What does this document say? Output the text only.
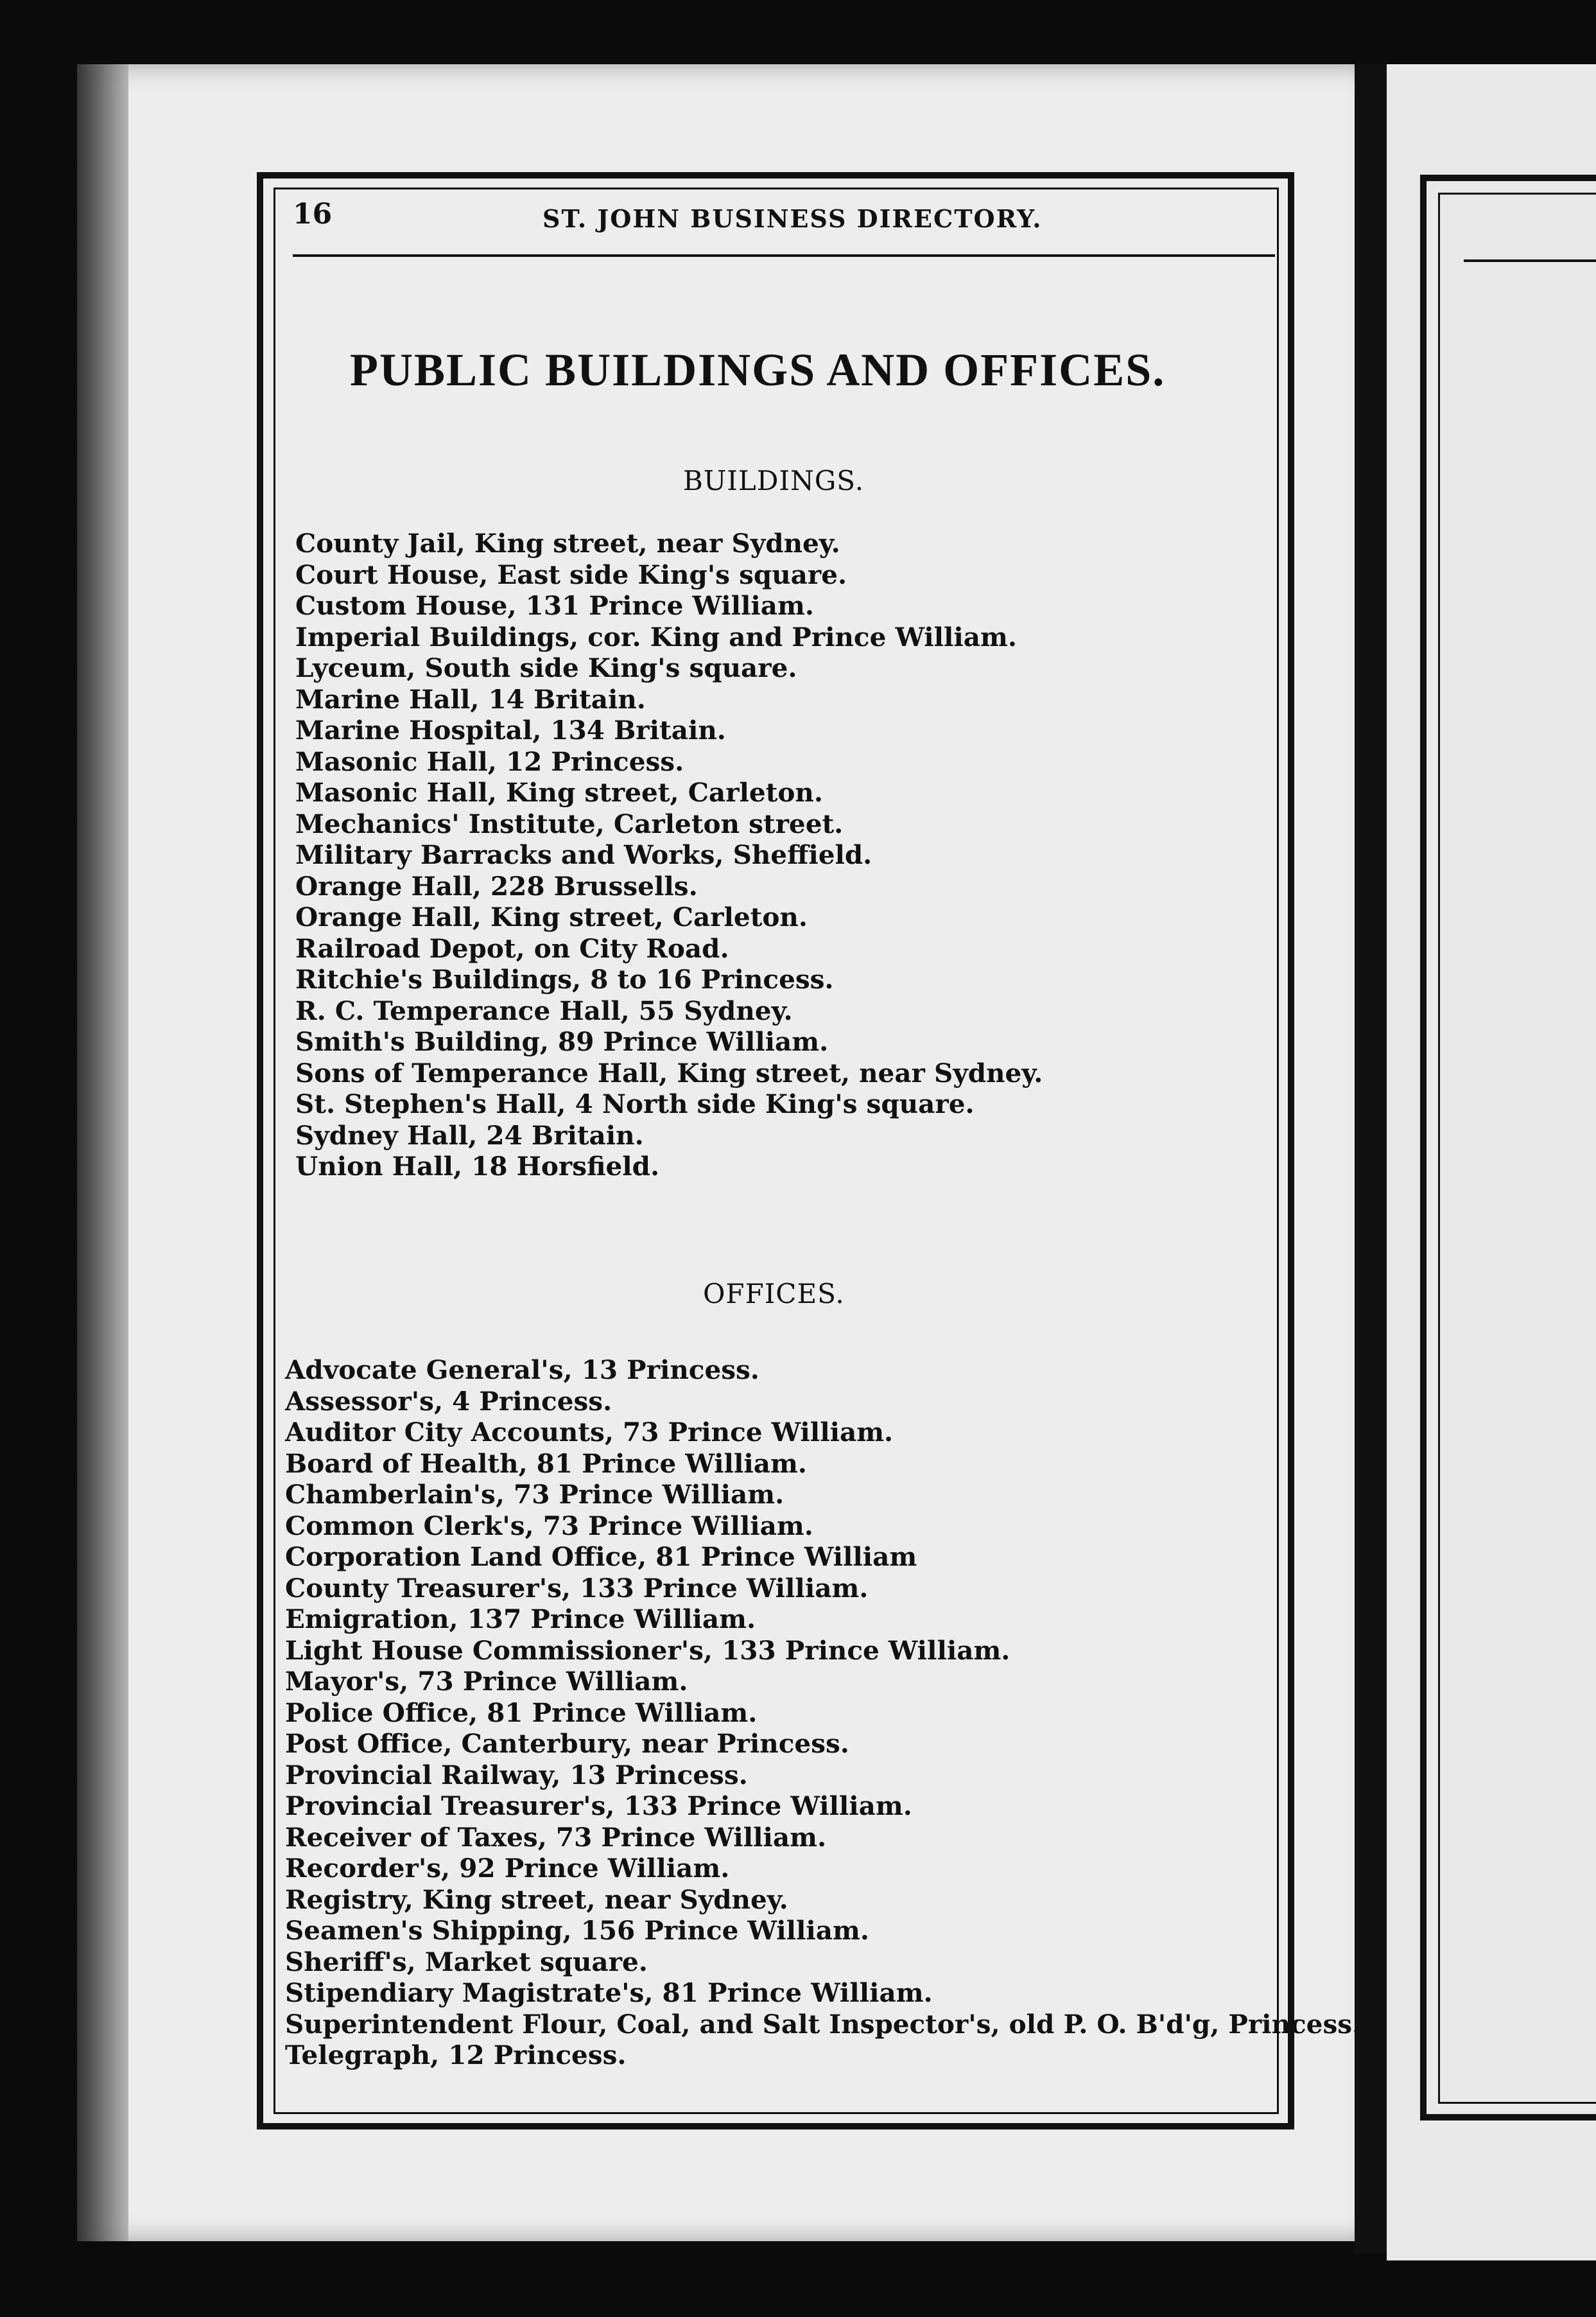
16	ST. JOHN BUSINESS DIRECTORY.
PUBLIC BUILDINGS AND OFFICES.
BUILDINGS.
County Jail, King street, near Sydney.
Court House, East side King's square.
Custom House, 131 Prince William.
Imperial Buildings, cor. King and Prince William.
Lyceum, South side King's square.
Marine Hall, 14 Britain.
Marine Hospital, 134 Britain.
Masonic Hall, 12 Princess.
Masonic Hall, King street, Carleton.
Mechanics' Institute, Carleton street.
Military Barracks and Works, Sheffield.
Orange Hall, 228 Brussells.
Orange Hall, King street, Carleton.
Railroad Depot, on City Road.
Ritchie's Buildings, 8 to 16 Princess.
R. C. Temperance Hall, 55 Sydney.
Smith's Building, 89 Prince William.
Sons of Temperance Hall, King street, near Sydney.
St. Stephen's Hall, 4 North side King's square.
Sydney Hall, 24 Britain.
Union Hall, 18 Horsfield.
OFFICES.
Advocate General's, 13 Princess.
Assessor's, 4 Princess.
Auditor City Accounts, 73 Prince William.
Board of Health, 81 Prince William.
Chamberlain's, 73 Prince William.
Common Clerk's, 73 Prince William.
Corporation Land Office, 81 Prince William
County Treasurer's, 133 Prince William.
Emigration, 137 Prince William.
Light House Commissioner's, 133 Prince William.
Mayor's, 73 Prince William.
Police Office, 81 Prince William.
Post Office, Canterbury, near Princess.
Provincial Railway, 13 Princess.
Provincial Treasurer's, 133 Prince William.
Receiver of Taxes, 73 Prince William.
Recorder's, 92 Prince William.
Registry, King street, near Sydney.
Seamen's Shipping, 156 Prince William.
Sheriff's, Market square.
Stipendiary Magistrate's, 81 Prince William.
Superintendent Flour, Coal, and Salt Inspector's, old P. O. B'd'g, Princess.
Telegraph, 12 Princess.
